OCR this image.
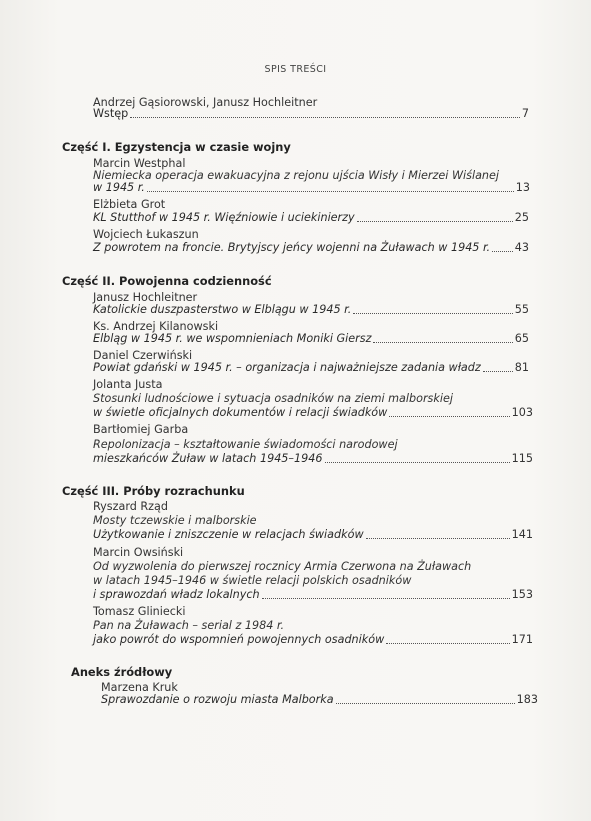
SPIS TREŚCI
Andrzej Gąsiorowski, Janusz Hochleitner
Wstęp	7
Część I. Egzystencja w czasie wojny
Marcin Westphal
Niemiecka operacja ewakuacyjna z rejonu ujścia Wisły i Mierzei Wiślanej
w 1945 r.	13
Elżbieta Grot
KL Stutthof w 1945 r. Więźniowie i uciekinierzy	25
Wojciech Łukaszun
Z powrotem na froncie. Brytyjscy jeńcy wojenni na Żuławach w 1945 r. 43
Część II. Powojenna codzienność
Janusz Hochleitner
Katolickie duszpasterstwo w Elblągu w 1945 r.	55
Ks. Andrzej Kilanowski
Elbląg w 1945 r. we wspomnieniach Moniki Giersz	65
Daniel Czerwiński
Powiat gdański w 1945 r. – organizacja i najważniejsze zadania władz	81
Jolanta Justa
Stosunki ludnościowe i sytuacja osadników na ziemi malborskiej
w świetle oficjalnych dokumentów i relacji świadków	103
Bartłomiej Garba
Repolonizacja – kształtowanie świadomości narodowej
mieszkańców Żuław w latach 1945–1946	115
Część III. Próby rozrachunku
Ryszard Rząd
Mosty tczewskie i malborskie
Użytkowanie i zniszczenie w relacjach świadków	141
Marcin Owsiński
Od wyzwolenia do pierwszej rocznicy Armia Czerwona na Żuławach
w latach 1945–1946 w świetle relacji polskich osadników
i sprawozdań władz lokalnych	153
Tomasz Gliniecki
Pan na Żuławach – serial z 1984 r.
jako powrót do wspomnień powojennych osadników	171
Aneks źródłowy
Marzena Kruk
Sprawozdanie o rozwoju miasta Malborka	183
